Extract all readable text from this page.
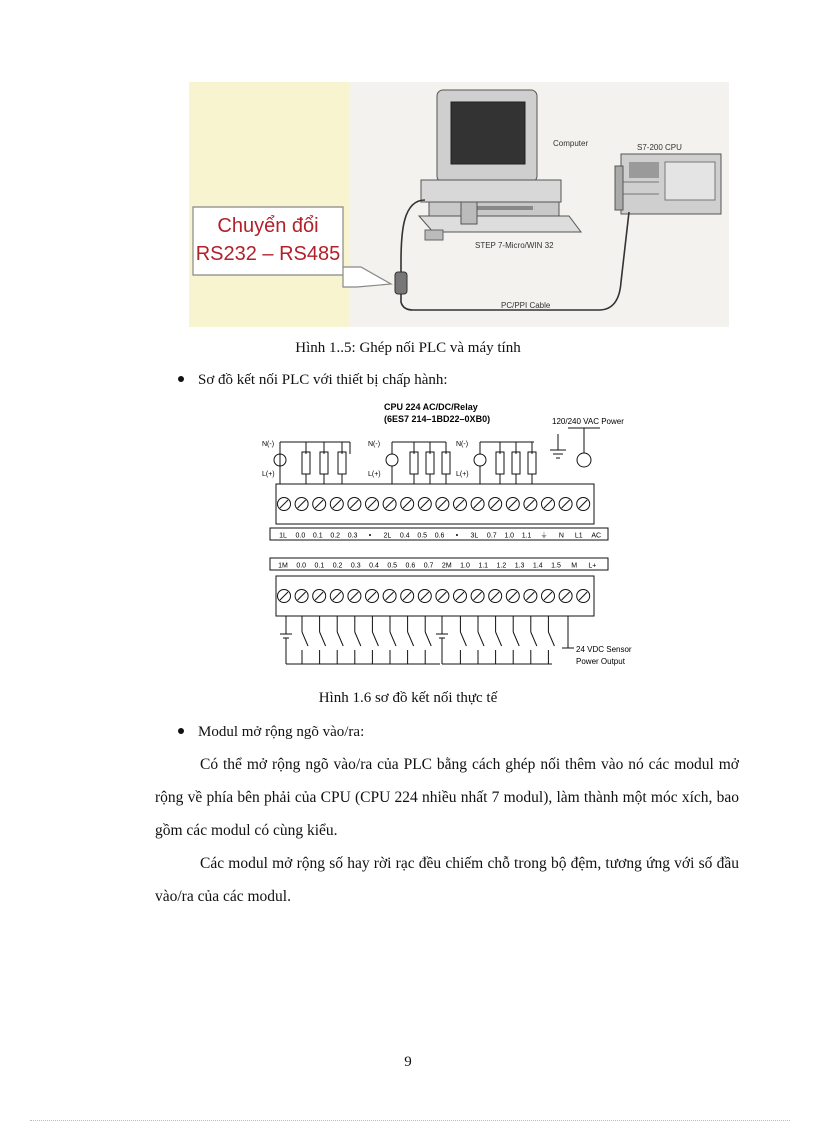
Chuyển đổi
RS232 – RS485
Computer	S7-200 CPU
STEP 7-Micro/WIN 32
PC/PPI Cable
Hình 1..5: Ghép nối PLC và máy tính
Sơ đồ kết nối PLC với thiết bị chấp hành:
CPU 224 AC/DC/Relay
(6ES7 214–1BD22–0XB0)	120/240 VAC Power
N(-)
L(+)
N(-)
L(+)
N(-)
L(+)
1L 0.0 0.1 0.2 0.3 • 2L 0.4 0.5 0.6 • 3L 0.7 1.0 1.1 ⏚ N L1 AC
1M 0.0 0.1 0.2 0.3 0.4 0.5 0.6 0.7 2M 1.0 1.1 1.2 1.3 1.4 1.5 M L+
24 VDC Sensor
Power Output
Hình 1.6 sơ đồ kết nối thực tế
Modul mở rộng ngõ vào/ra:
Có thể mở rộng ngõ vào/ra của PLC bằng cách ghép nối thêm vào nó các modul mở rộng về phía bên phải của CPU (CPU 224 nhiều nhất 7 modul), làm thành một móc xích, bao gồm các modul có cùng kiểu.
Các modul mở rộng số hay rời rạc đều chiếm chỗ trong bộ đệm, tương ứng với số đầu vào/ra của các modul.
9
